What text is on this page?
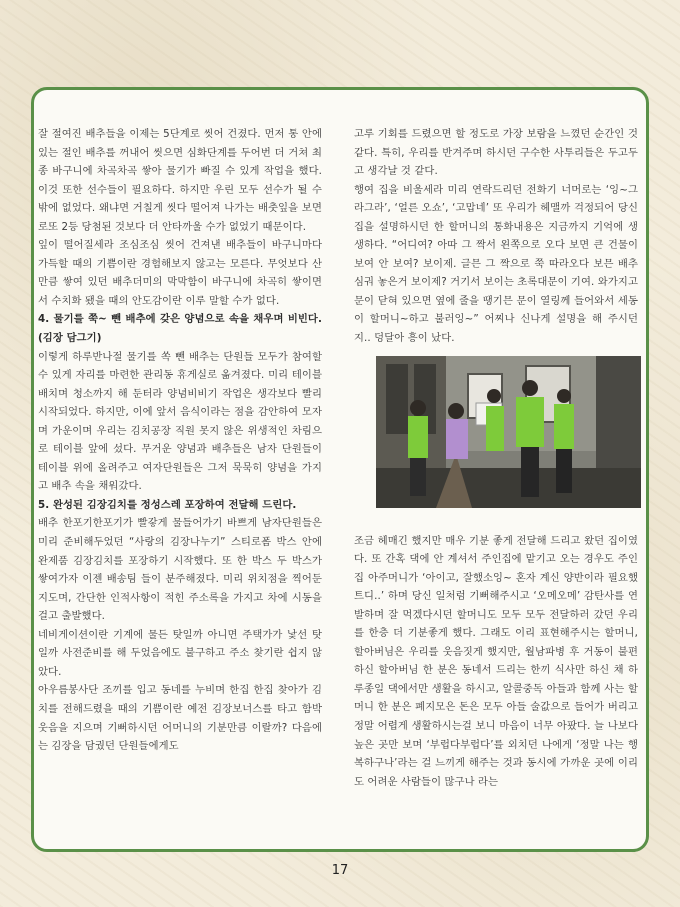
잘 절여진 배추들을 이제는 5단계로 씻어 건졌다. 먼저 통 안에 있는 절인 배추를 꺼내어 씻으면 심화단계를 두어번 더 거쳐 최종 바구니에 차곡차곡 쌓아 물기가 빠질 수 있게 작업을 했다. 이것 또한 선수들이 필요하다. 하지만 우린 모두 선수가 될 수 밖에 없었다. 왜냐면 거칠게 씻다 떨어져 나가는 배춧잎을 보면 로또 2등 당첨된 것보다 더 안타까울 수가 없었기 때문이다.

잎이 떨어질세라 조심조심 씻어 건져낸 배추들이 바구니마다 가득할 때의 기쁨이란 경험해보지 않고는 모른다. 무엇보다 산만큼 쌓여 있던 배추더미의 막막함이 바구니에 차곡히 쌓이면서 수치화 됐을 때의 안도감이란 이루 말할 수가 없다.

4. 물기를 쭉~ 뺀 배추에 갖은 양념으로 속을 채우며 비빈다. (김장 담그기)

이렇게 하루반나절 물기를 쏙 뺀 배추는 단원들 모두가 참여할 수 있게 자리를 마련한 관리동 휴게실로 옮겨졌다. 미리 테이블 배치며 청소까지 해 둔터라 양념비비기 작업은 생각보다 빨리 시작되었다. 하지만, 이에 앞서 음식이라는 점을 감안하여 모자며 가운이며 우리는 김치공장 직원 못지 않은 위생적인 차림으로 테이블 앞에 섰다. 무거운 양념과 배추들은 남자 단원들이 테이블 위에 올려주고 여자단원들은 그저 묵묵히 양념을 가지고 배추 속을 채워갔다.

5. 완성된 김장김치를 정성스레 포장하여 전달해 드린다.

배추 한포기한포기가 빨갛게 물들어가기 바쁘게 남자단원들은 미리 준비해두었던 “사랑의 김장나누기” 스티로폼 박스 안에 완제품 김장김치를 포장하기 시작했다. 또 한 박스 두 박스가 쌓여가자 이젠 배송팀 들이 분주해졌다. 미리 위치점을 찍어둔 지도며, 간단한 인적사항이 적힌 주소록을 가지고 차에 시동을 걸고 출발했다.

네비게이션이란 기계에 물든 탓일까 아니면 주택가가 낯선 탓일까 사전준비를 해 두었음에도 불구하고 주소 찾기란 쉽지 않았다.

아우름봉사단 조끼를 입고 동네를 누비며 한집 한집 찾아가 김치를 전해드렸을 때의 기쁨이란 예전 김장보너스를 타고 함박웃음을 지으며 기뻐하시던 어머니의 기분만큼 이랄까? 다음에는 김장을 담궜던 단원들에게도

고루 기회를 드렸으면 할 정도로 가장 보람을 느꼈던 순간인 것 같다. 특히, 우리를 반겨주며 하시던 구수한 사투리들은 두고두고 생각날 것 같다.

행여 집을 비울세라 미리 연락드리던 전화기 너머로는 ‘잉~그라그라’, ‘얼른 오쇼’, ‘고맙네’ 또 우리가 헤맬까 걱정되어 당신 집을 설명하시던 한 할머니의 통화내용은 지금까지 기억에 생생하다. “어디여? 아따 그 짝서 왼쪽으로 오다 보면 큰 건물이 보여 안 보여? 보이제. 글믄 그 짝으로 쭉 따라오다 보믄 배추 심궈 놓은거 보이제? 거기서 보이는 초록대문이 기여. 와가지고 문이 닫혀 있으면 옆에 줄을 땡기믄 문이 열링께 들어와서 세동이 할머니~하고 불러잉~” 어찌나 신나게 설명을 해 주시던지.. 덩달아 흥이 났다.

조금 헤매긴 했지만 매우 기분 좋게 전달해 드리고 왔던 집이였다. 또 간혹 댁에 안 계셔서 주인집에 맡기고 오는 경우도 주인집 아주머니가 ‘아이고, 잘했소잉~ 혼자 계신 양반이라 필요했트디..’ 하며 당신 일처럼 기뻐해주시고 ‘오메오메’ 감탄사를 연발하며 잘 먹겠다시던 할머니도 모두 모두 전달하러 갔던 우리를 한층 더 기분좋게 했다. 그래도 이리 표현해주시는 할머니,할아버님은 우리를 웃음짓게 했지만, 월남파병 후 거동이 불편하신 할아버님 한 분은 동네서 드리는 한끼 식사만 하신 채 하루종일 댁에서만 생활을 하시고, 알콜중독 아들과 함께 사는 할머니 한 분은 폐지모은 돈은 모두 아들 술값으로 들어가 버리고정말 어렵게 생활하시는걸 보니 마음이 너무 아팠다. 늘 나보다 높은 곳만 보며 ‘부럽다부럽다’를 외치던 나에게 ‘정말 나는 행복하구나’라는 걸 느끼게 해주는 것과 동시에 가까운 곳에 이리도 어려운 사람들이 많구나 라는

17
